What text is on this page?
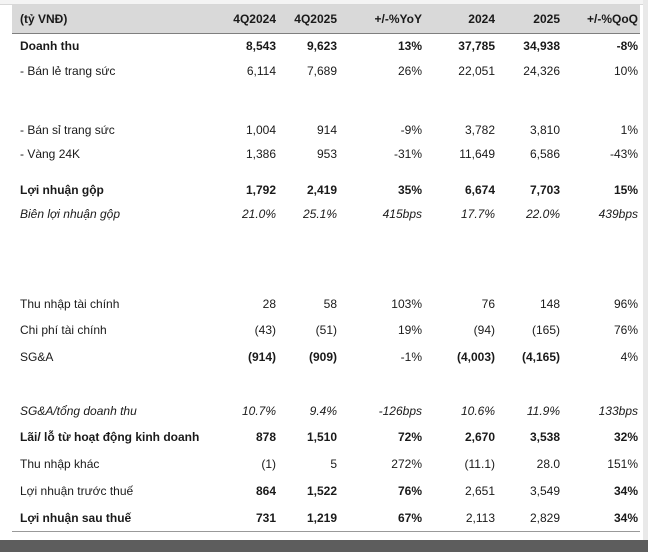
(tỷ VNĐ)	4Q2024	4Q2025	+/-%YoY	2024	2025	+/-%QoQ
Doanh thu	8,543	9,623	13%	37,785	34,938	-8%
- Bán lẻ trang sức	6,114	7,689	26%	22,051	24,326	10%

- Bán sỉ trang sức	1,004	914	-9%	3,782	3,810	1%
- Vàng 24K	1,386	953	-31%	11,649	6,586	-43%

Lợi nhuận gộp	1,792	2,419	35%	6,674	7,703	15%
Biên lợi nhuận gộp	21.0%	25.1%	415bps	17.7%	22.0%	439bps

Thu nhập tài chính	28	58	103%	76	148	96%
Chi phí tài chính	(43)	(51)	19%	(94)	(165)	76%
SG&A	(914)	(909)	-1%	(4,003)	(4,165)	4%

SG&A/tổng doanh thu	10.7%	9.4%	-126bps	10.6%	11.9%	133bps
Lãi/ lỗ từ hoạt động kinh doanh	878	1,510	72%	2,670	3,538	32%
Thu nhập khác	(1)	5	272%	(11.1)	28.0	151%
Lợi nhuận trước thuế	864	1,522	76%	2,651	3,549	34%
Lợi nhuận sau thuế	731	1,219	67%	2,113	2,829	34%
